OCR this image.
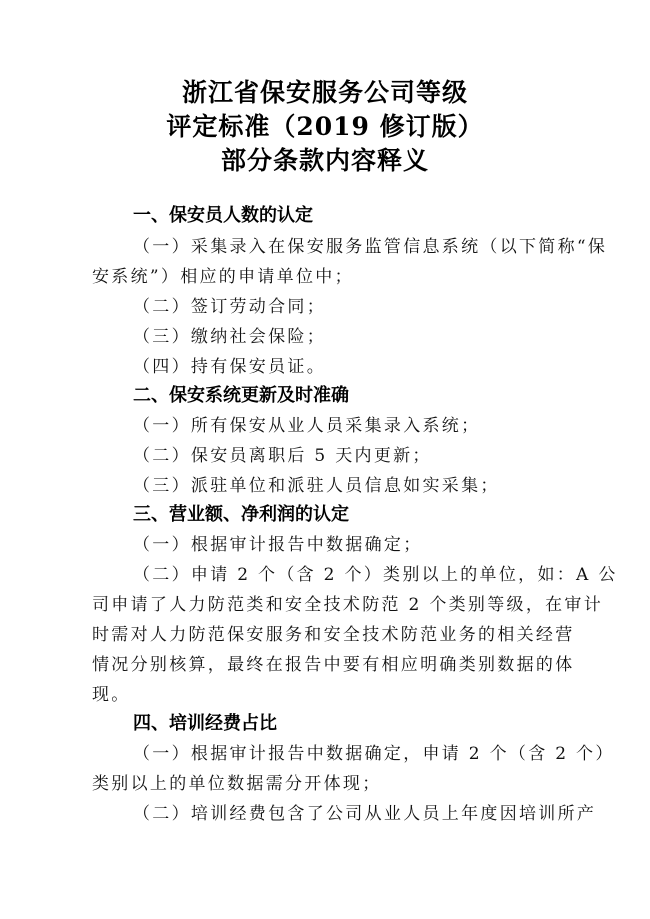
浙江省保安服务公司等级
评定标准（2019 修订版）
部分条款内容释义
一、保安员人数的认定
（一）采集录入在保安服务监管信息系统（以下简称“保
安系统”）相应的申请单位中；
（二）签订劳动合同；
（三）缴纳社会保险；
（四）持有保安员证。
二、保安系统更新及时准确
（一）所有保安从业人员采集录入系统；
（二）保安员离职后 5 天内更新；
（三）派驻单位和派驻人员信息如实采集；
三、营业额、净利润的认定
（一）根据审计报告中数据确定；
（二）申请 2 个（含 2 个）类别以上的单位，如：A 公
司申请了人力防范类和安全技术防范 2 个类别等级，在审计
时需对人力防范保安服务和安全技术防范业务的相关经营
情况分别核算，最终在报告中要有相应明确类别数据的体
现。
四、培训经费占比
（一）根据审计报告中数据确定，申请 2 个（含 2 个）
类别以上的单位数据需分开体现；
（二）培训经费包含了公司从业人员上年度因培训所产
